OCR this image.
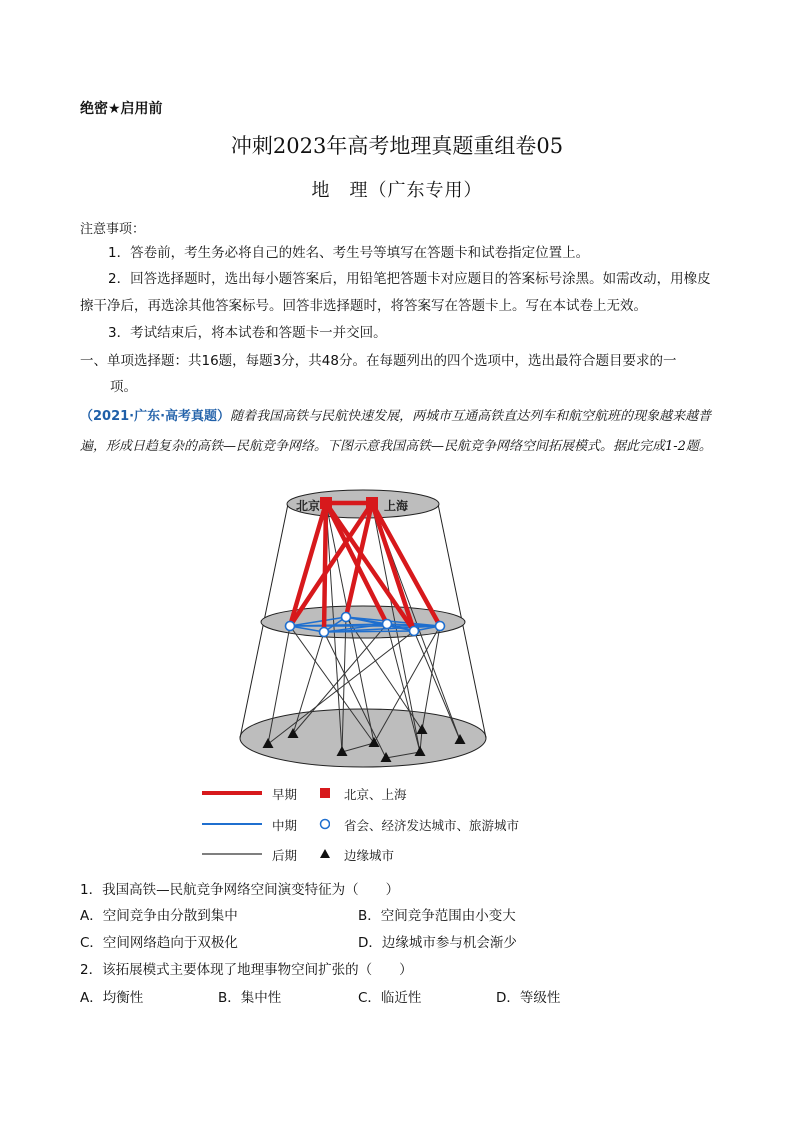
绝密★启用前
冲刺2023年高考地理真题重组卷05
地　理（广东专用）
注意事项：
1．答卷前，考生务必将自己的姓名、考生号等填写在答题卡和试卷指定位置上。
2．回答选择题时，选出每小题答案后，用铅笔把答题卡对应题目的答案标号涂黑。如需改动，用橡皮擦干净后，再选涂其他答案标号。回答非选择题时，将答案写在答题卡上。写在本试卷上无效。
3．考试结束后，将本试卷和答题卡一并交回。
一、单项选择题：共16题，每题3分，共48分。在每题列出的四个选项中，选出最符合题目要求的一
项。
（2021·广东·高考真题）随着我国高铁与民航快速发展，两城市互通高铁直达列车和航空航班的现象越来越普遍，形成日趋复杂的高铁—民航竞争网络。下图示意我国高铁—民航竞争网络空间拓展模式。据此完成1-2题。
北京	上海
早期	北京、上海
中期	省会、经济发达城市、旅游城市
后期	边缘城市
1．我国高铁—民航竞争网络空间演变特征为（　　）
A．空间竞争由分散到集中	B．空间竞争范围由小变大
C．空间网络趋向于双极化	D．边缘城市参与机会渐少
2．该拓展模式主要体现了地理事物空间扩张的（　　）
A．均衡性	B．集中性	C．临近性	D．等级性
